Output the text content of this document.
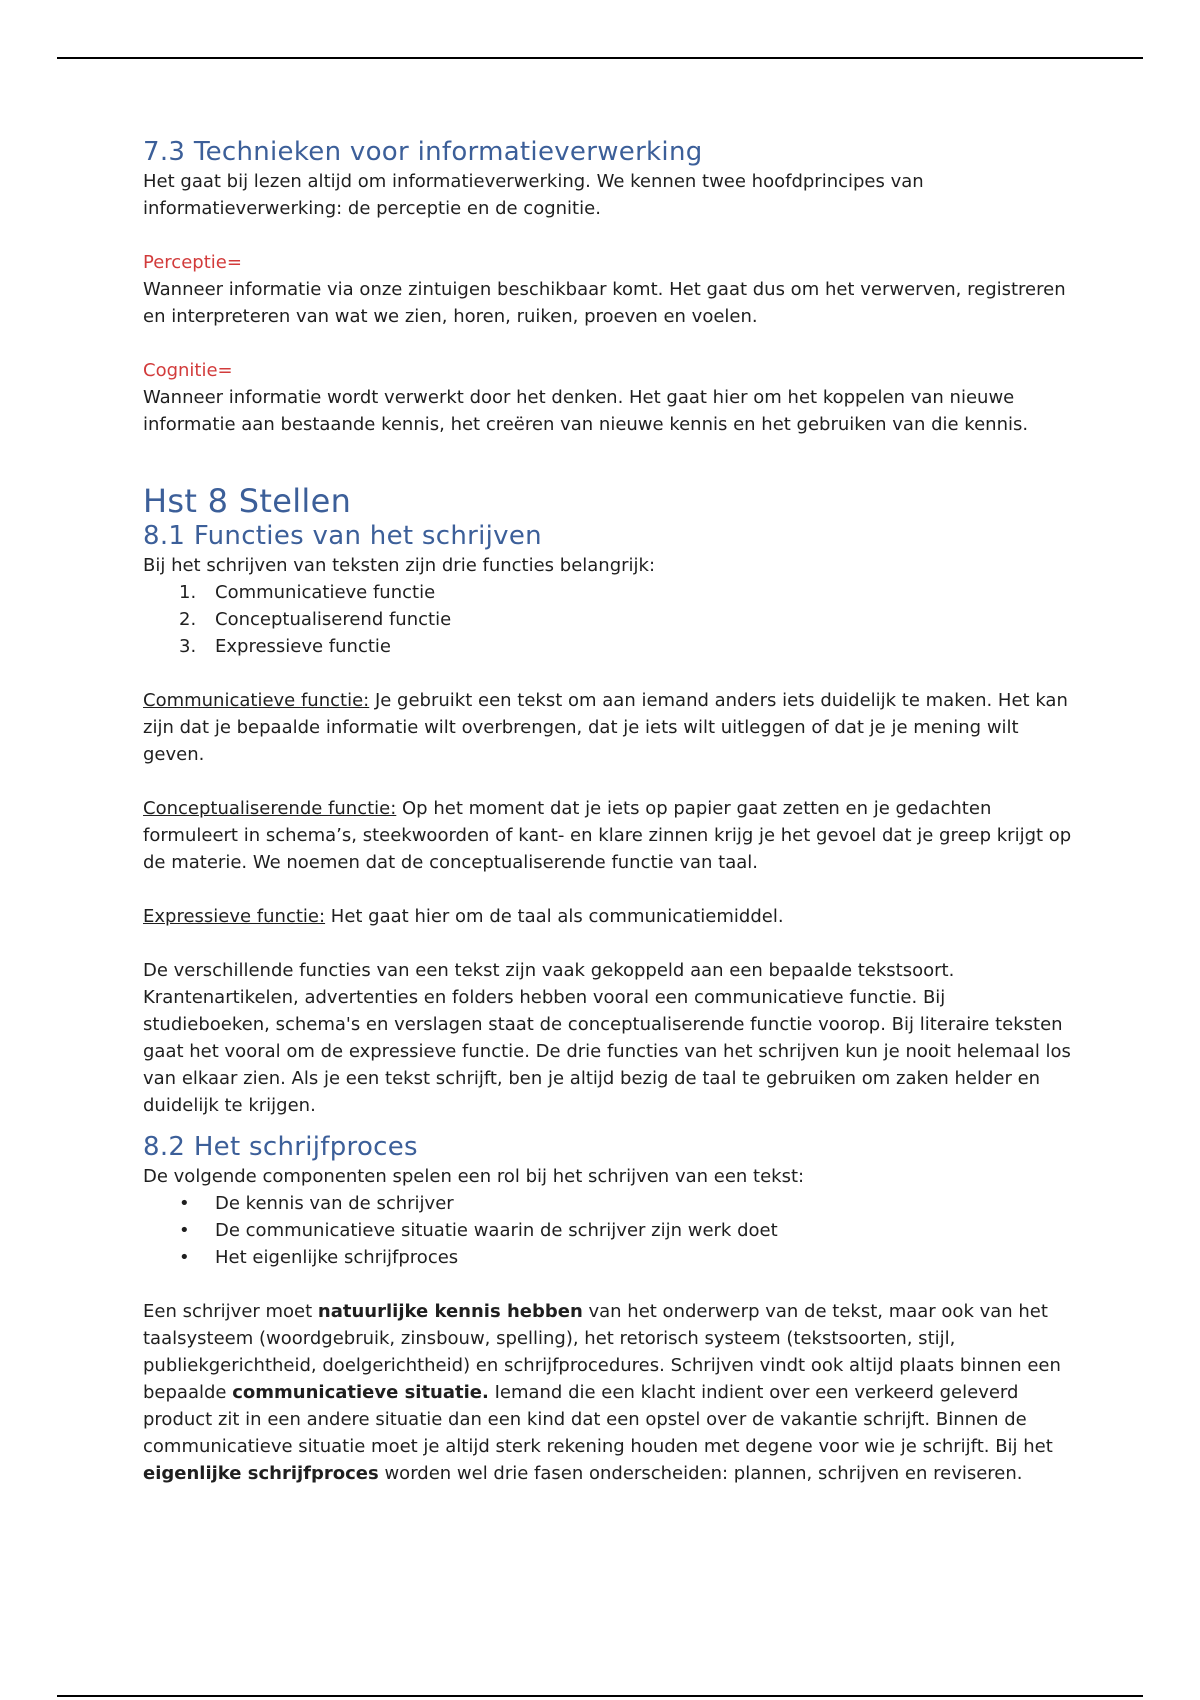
7.3 Technieken voor informatieverwerking

Het gaat bij lezen altijd om informatieverwerking. We kennen twee hoofdprincipes van informatieverwerking: de perceptie en de cognitie.

Perceptie=

Wanneer informatie via onze zintuigen beschikbaar komt. Het gaat dus om het verwerven, registreren en interpreteren van wat we zien, horen, ruiken, proeven en voelen.

Cognitie=

Wanneer informatie wordt verwerkt door het denken. Het gaat hier om het koppelen van nieuwe informatie aan bestaande kennis, het creëren van nieuwe kennis en het gebruiken van die kennis.

Hst 8 Stellen
8.1 Functies van het schrijven

Bij het schrijven van teksten zijn drie functies belangrijk:

1.	Communicatieve functie
2.	Conceptualiserend functie
3.	Expressieve functie

Communicatieve functie: Je gebruikt een tekst om aan iemand anders iets duidelijk te maken. Het kan zijn dat je bepaalde informatie wilt overbrengen, dat je iets wilt uitleggen of dat je je mening wilt geven.

Conceptualiserende functie: Op het moment dat je iets op papier gaat zetten en je gedachten formuleert in schema’s, steekwoorden of kant- en klare zinnen krijg je het gevoel dat je greep krijgt op de materie. We noemen dat de conceptualiserende functie van taal.

Expressieve functie: Het gaat hier om de taal als communicatiemiddel.

De verschillende functies van een tekst zijn vaak gekoppeld aan een bepaalde tekstsoort. Krantenartikelen, advertenties en folders hebben vooral een communicatieve functie. Bij studieboeken, schema's en verslagen staat de conceptualiserende functie voorop. Bij literaire teksten gaat het vooral om de expressieve functie. De drie functies van het schrijven kun je nooit helemaal los van elkaar zien. Als je een tekst schrijft, ben je altijd bezig de taal te gebruiken om zaken helder en duidelijk te krijgen.

8.2 Het schrijfproces

De volgende componenten spelen een rol bij het schrijven van een tekst:

•	De kennis van de schrijver
•	De communicatieve situatie waarin de schrijver zijn werk doet
•	Het eigenlijke schrijfproces

Een schrijver moet natuurlijke kennis hebben van het onderwerp van de tekst, maar ook van het taalsysteem (woordgebruik, zinsbouw, spelling), het retorisch systeem (tekstsoorten, stijl, publiekgerichtheid, doelgerichtheid) en schrijfprocedures. Schrijven vindt ook altijd plaats binnen een bepaalde communicatieve situatie. Iemand die een klacht indient over een verkeerd geleverd product zit in een andere situatie dan een kind dat een opstel over de vakantie schrijft. Binnen de communicatieve situatie moet je altijd sterk rekening houden met degene voor wie je schrijft. Bij het eigenlijke schrijfproces worden wel drie fasen onderscheiden: plannen, schrijven en reviseren.
